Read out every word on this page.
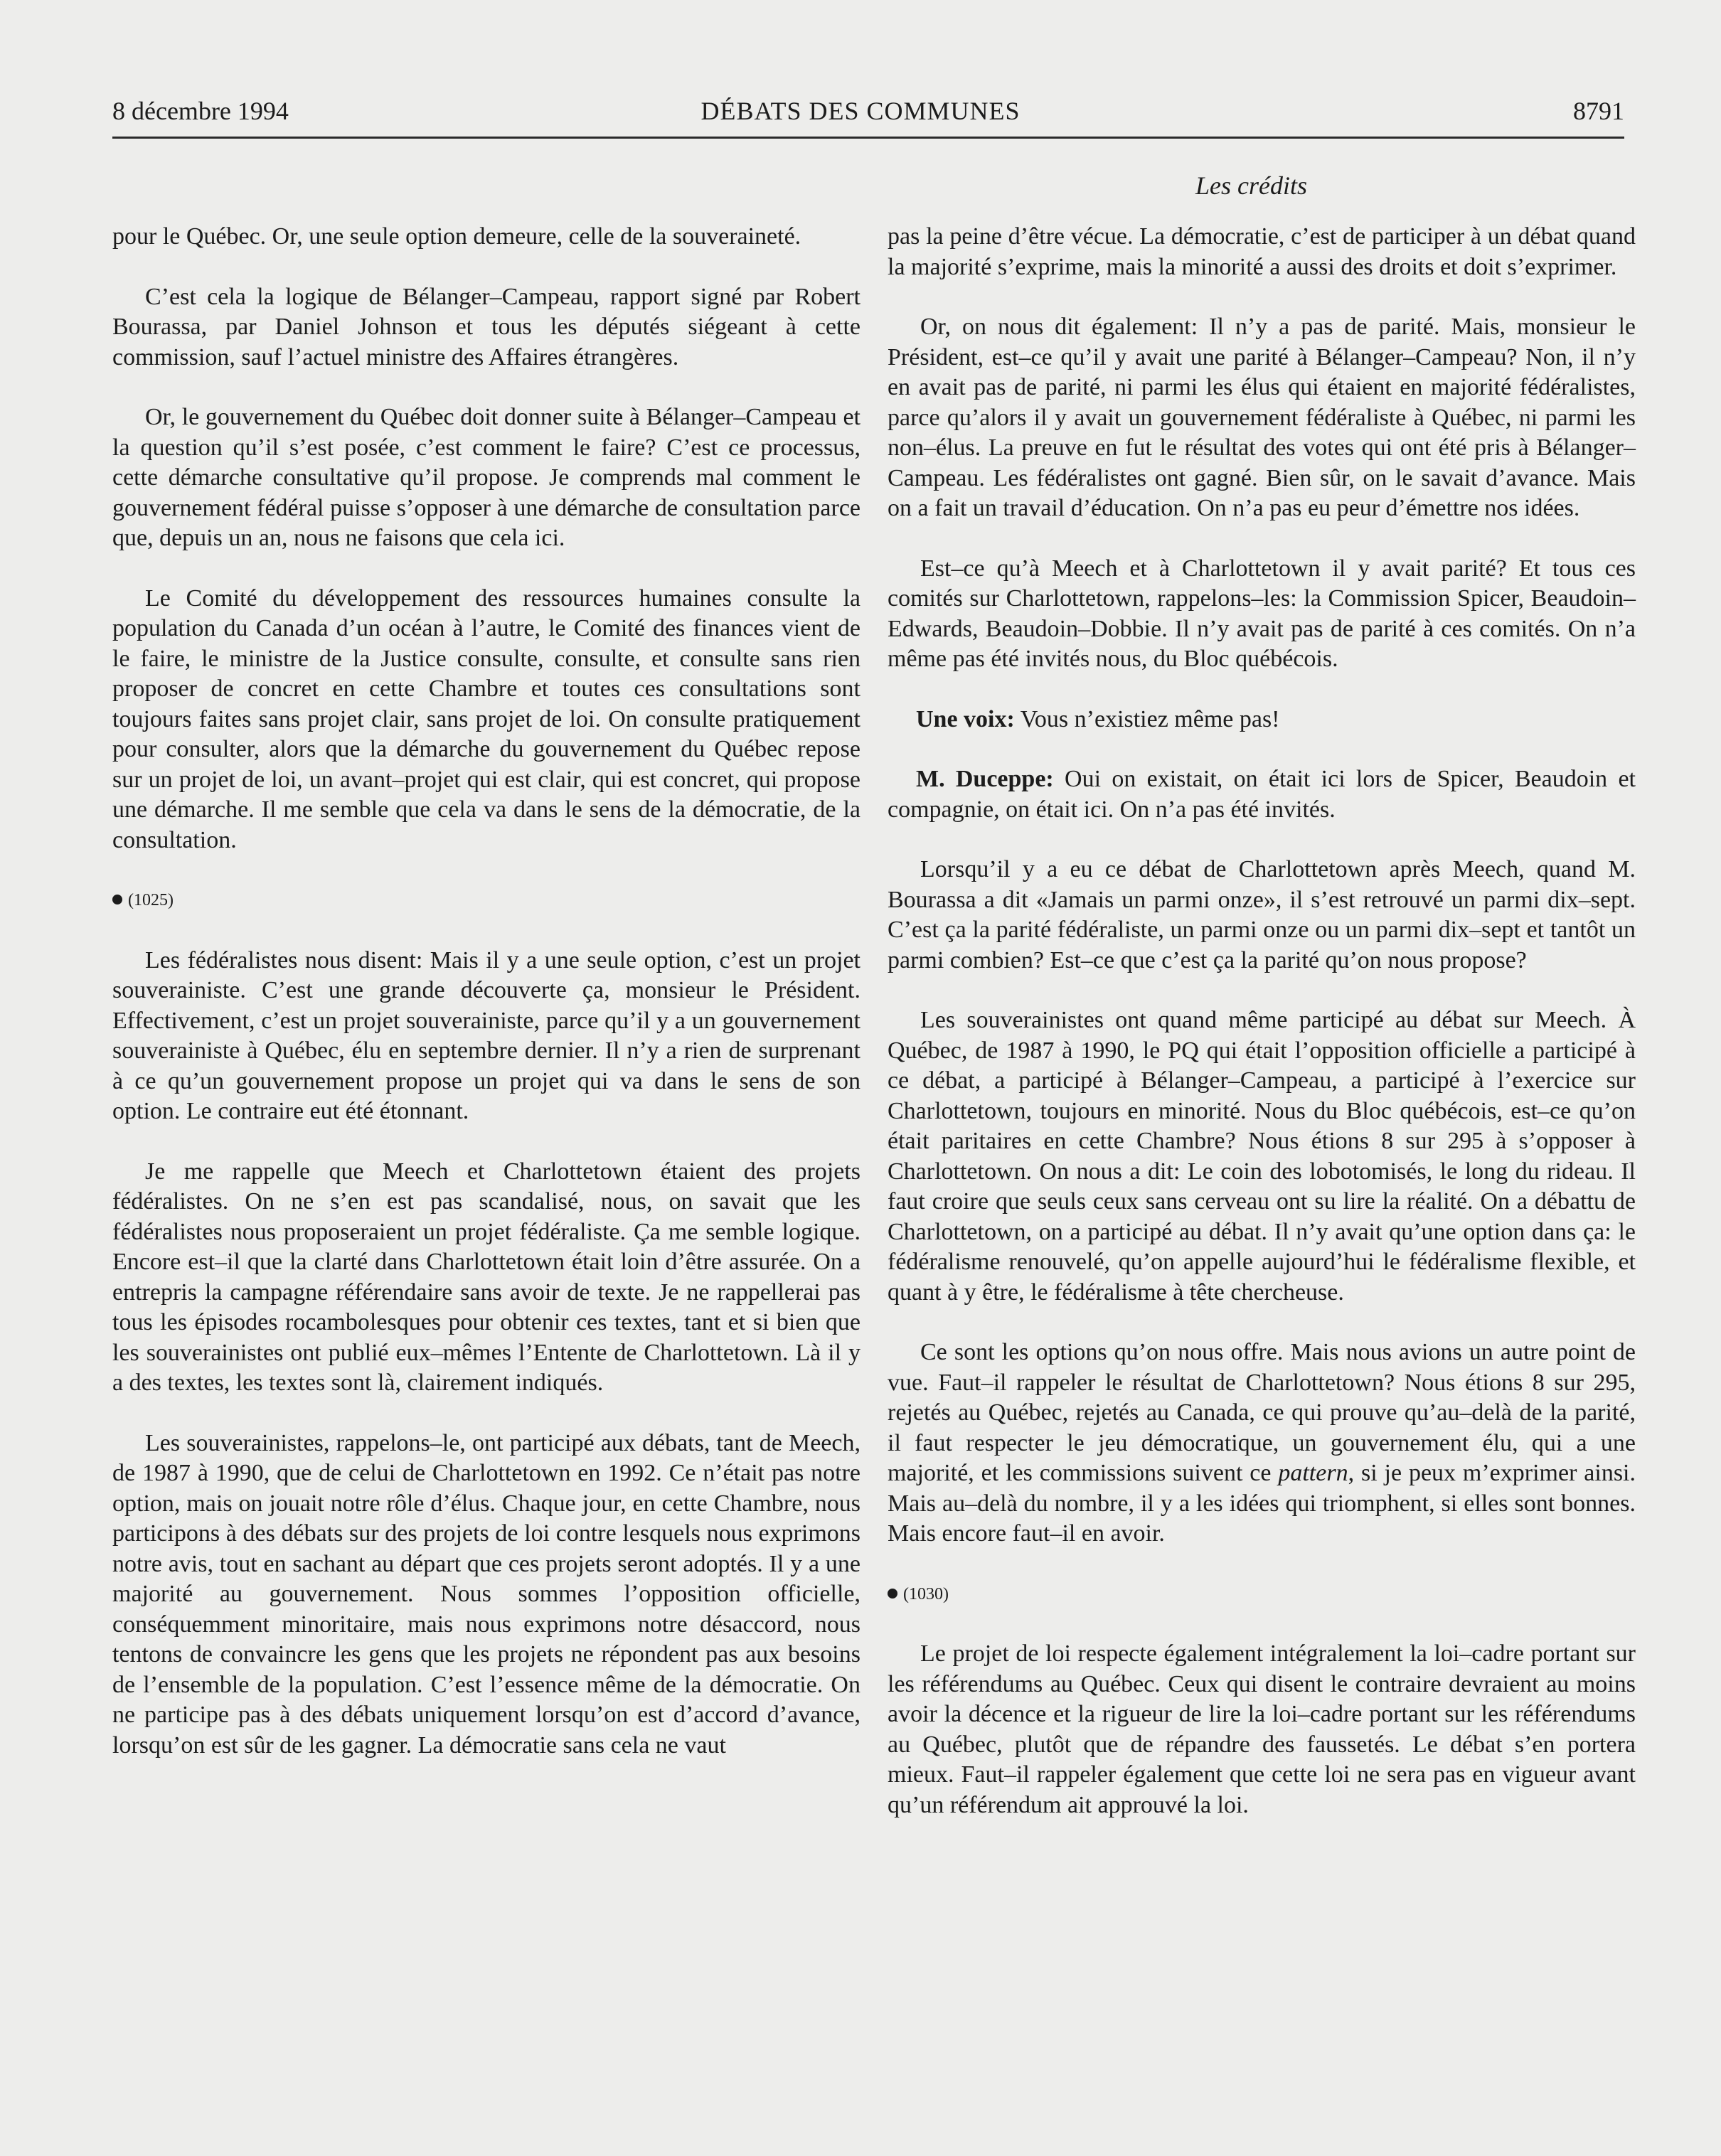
8 décembre 1994	DÉBATS DES COMMUNES	8791
Les crédits

pour le Québec. Or, une seule option demeure, celle de la souveraineté.

C’est cela la logique de Bélanger–Campeau, rapport signé par Robert Bourassa, par Daniel Johnson et tous les députés siégeant à cette commission, sauf l’actuel ministre des Affaires étrangères.

Or, le gouvernement du Québec doit donner suite à Bélanger–Campeau et la question qu’il s’est posée, c’est comment le faire? C’est ce processus, cette démarche consultative qu’il propose. Je comprends mal comment le gouvernement fédéral puisse s’opposer à une démarche de consultation parce que, depuis un an, nous ne faisons que cela ici.

Le Comité du développement des ressources humaines consulte la population du Canada d’un océan à l’autre, le Comité des finances vient de le faire, le ministre de la Justice consulte, consulte, et consulte sans rien proposer de concret en cette Chambre et toutes ces consultations sont toujours faites sans projet clair, sans projet de loi. On consulte pratiquement pour consulter, alors que la démarche du gouvernement du Québec repose sur un projet de loi, un avant–projet qui est clair, qui est concret, qui propose une démarche. Il me semble que cela va dans le sens de la démocratie, de la consultation.

(1025)

Les fédéralistes nous disent: Mais il y a une seule option, c’est un projet souverainiste. C’est une grande découverte ça, monsieur le Président. Effectivement, c’est un projet souverainiste, parce qu’il y a un gouvernement souverainiste à Québec, élu en septembre dernier. Il n’y a rien de surprenant à ce qu’un gouvernement propose un projet qui va dans le sens de son option. Le contraire eut été étonnant.

Je me rappelle que Meech et Charlottetown étaient des projets fédéralistes. On ne s’en est pas scandalisé, nous, on savait que les fédéralistes nous proposeraient un projet fédéraliste. Ça me semble logique. Encore est–il que la clarté dans Charlottetown était loin d’être assurée. On a entrepris la campagne référendaire sans avoir de texte. Je ne rappellerai pas tous les épisodes rocambolesques pour obtenir ces textes, tant et si bien que les souverainistes ont publié eux–mêmes l’Entente de Charlottetown. Là il y a des textes, les textes sont là, clairement indiqués.

Les souverainistes, rappelons–le, ont participé aux débats, tant de Meech, de 1987 à 1990, que de celui de Charlottetown en 1992. Ce n’était pas notre option, mais on jouait notre rôle d’élus. Chaque jour, en cette Chambre, nous participons à des débats sur des projets de loi contre lesquels nous exprimons notre avis, tout en sachant au départ que ces projets seront adoptés. Il y a une majorité au gouvernement. Nous sommes l’opposition officielle, conséquemment minoritaire, mais nous exprimons notre désaccord, nous tentons de convaincre les gens que les projets ne répondent pas aux besoins de l’ensemble de la population. C’est l’essence même de la démocratie. On ne participe pas à des débats uniquement lorsqu’on est d’accord d’avance, lorsqu’on est sûr de les gagner. La démocratie sans cela ne vaut

pas la peine d’être vécue. La démocratie, c’est de participer à un débat quand la majorité s’exprime, mais la minorité a aussi des droits et doit s’exprimer.

Or, on nous dit également: Il n’y a pas de parité. Mais, monsieur le Président, est–ce qu’il y avait une parité à Bélanger–Campeau? Non, il n’y en avait pas de parité, ni parmi les élus qui étaient en majorité fédéralistes, parce qu’alors il y avait un gouvernement fédéraliste à Québec, ni parmi les non–élus. La preuve en fut le résultat des votes qui ont été pris à Bélanger–Campeau. Les fédéralistes ont gagné. Bien sûr, on le savait d’avance. Mais on a fait un travail d’éducation. On n’a pas eu peur d’émettre nos idées.

Est–ce qu’à Meech et à Charlottetown il y avait parité? Et tous ces comités sur Charlottetown, rappelons–les: la Commission Spicer, Beaudoin–Edwards, Beaudoin–Dobbie. Il n’y avait pas de parité à ces comités. On n’a même pas été invités nous, du Bloc québécois.

Une voix: Vous n’existiez même pas!

M. Duceppe: Oui on existait, on était ici lors de Spicer, Beaudoin et compagnie, on était ici. On n’a pas été invités.

Lorsqu’il y a eu ce débat de Charlottetown après Meech, quand M. Bourassa a dit «Jamais un parmi onze», il s’est retrouvé un parmi dix–sept. C’est ça la parité fédéraliste, un parmi onze ou un parmi dix–sept et tantôt un parmi combien? Est–ce que c’est ça la parité qu’on nous propose?

Les souverainistes ont quand même participé au débat sur Meech. À Québec, de 1987 à 1990, le PQ qui était l’opposition officielle a participé à ce débat, a participé à Bélanger–Campeau, a participé à l’exercice sur Charlottetown, toujours en minorité. Nous du Bloc québécois, est–ce qu’on était paritaires en cette Chambre? Nous étions 8 sur 295 à s’opposer à Charlottetown. On nous a dit: Le coin des lobotomisés, le long du rideau. Il faut croire que seuls ceux sans cerveau ont su lire la réalité. On a débattu de Charlottetown, on a participé au débat. Il n’y avait qu’une option dans ça: le fédéralisme renouvelé, qu’on appelle aujourd’hui le fédéralisme flexible, et quant à y être, le fédéralisme à tête chercheuse.

Ce sont les options qu’on nous offre. Mais nous avions un autre point de vue. Faut–il rappeler le résultat de Charlottetown? Nous étions 8 sur 295, rejetés au Québec, rejetés au Canada, ce qui prouve qu’au–delà de la parité, il faut respecter le jeu démocratique, un gouvernement élu, qui a une majorité, et les commissions suivent ce pattern, si je peux m’exprimer ainsi. Mais au–delà du nombre, il y a les idées qui triomphent, si elles sont bonnes. Mais encore faut–il en avoir.

(1030)

Le projet de loi respecte également intégralement la loi–cadre portant sur les référendums au Québec. Ceux qui disent le contraire devraient au moins avoir la décence et la rigueur de lire la loi–cadre portant sur les référendums au Québec, plutôt que de répandre des faussetés. Le débat s’en portera mieux. Faut–il rappeler également que cette loi ne sera pas en vigueur avant qu’un référendum ait approuvé la loi.
